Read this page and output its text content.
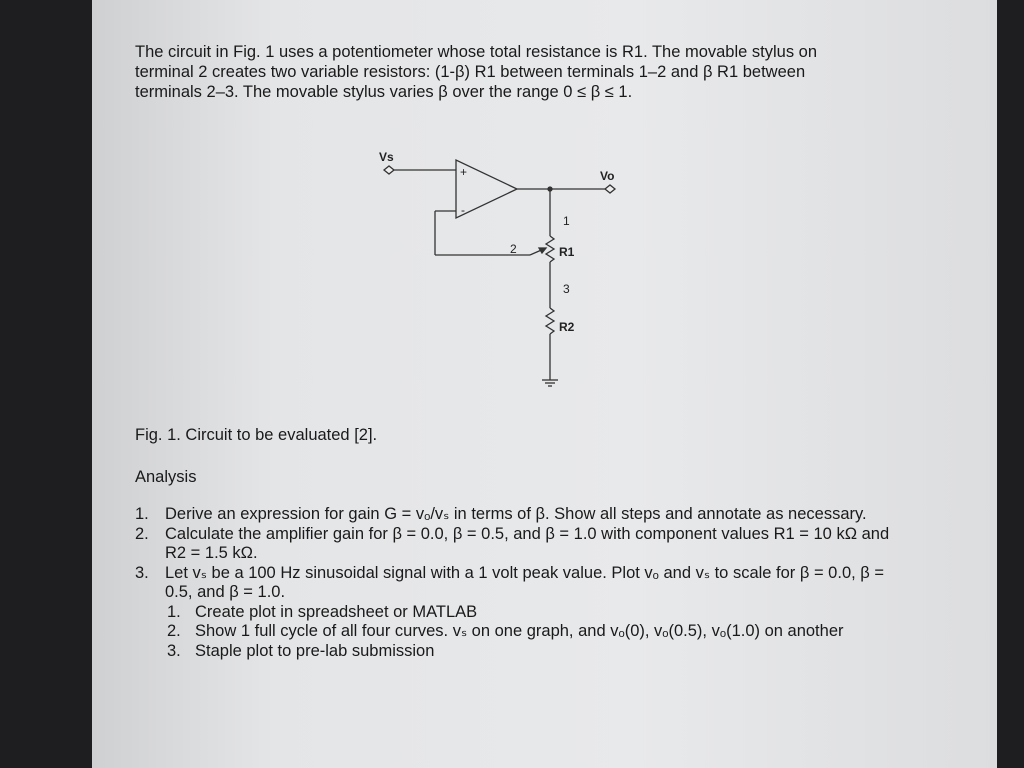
The circuit in Fig. 1 uses a potentiometer whose total resistance is R1. The movable stylus on terminal 2 creates two variable resistors: (1-β) R1 between terminals 1–2 and β R1 between terminals 2–3. The movable stylus varies β over the range 0 ≤ β ≤ 1.
Vs
Vo
+
-
1
2
3
R1
R2
Fig. 1. Circuit to be evaluated [2].
Analysis
1. Derive an expression for gain G = vₒ/vₛ in terms of β. Show all steps and annotate as necessary.
2. Calculate the amplifier gain for β = 0.0, β = 0.5, and β = 1.0 with component values R1 = 10 kΩ and R2 = 1.5 kΩ.
3. Let vₛ be a 100 Hz sinusoidal signal with a 1 volt peak value. Plot vₒ and vₛ to scale for β = 0.0, β = 0.5, and β = 1.0.
1. Create plot in spreadsheet or MATLAB
2. Show 1 full cycle of all four curves. vₛ on one graph, and vₒ(0), vₒ(0.5), vₒ(1.0) on another
3. Staple plot to pre-lab submission
